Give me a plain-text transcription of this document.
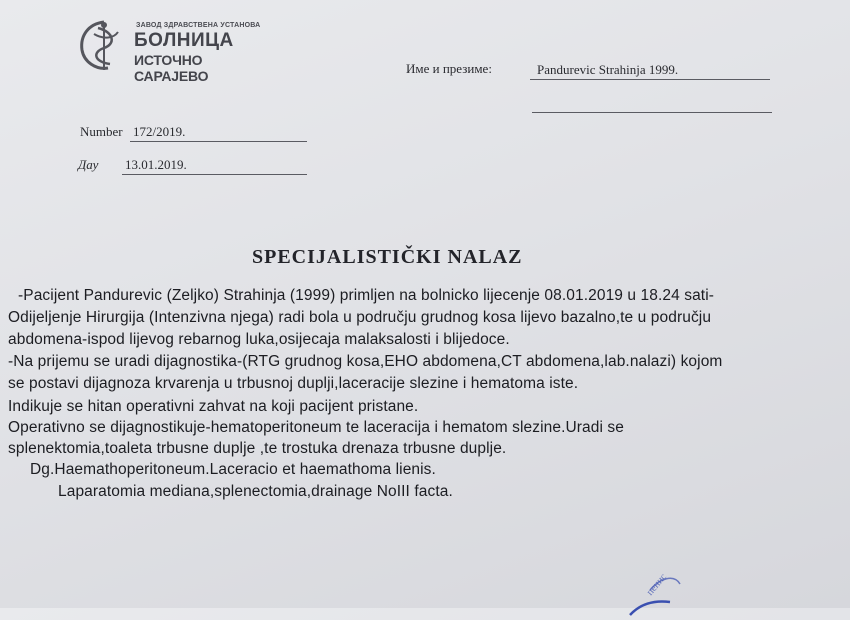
ЗАВОД ЗДРАВСТВЕНА УСТАНОВА
БОЛНИЦА
ИСТОЧНО САРАЈЕВО	Име и презиме:	Pandurevic Strahinja 1999.
Number 172/2019.
Дау 13.01.2019.
SPECIJALISTIČKI NALAZ
-Pacijent Pandurevic (Zeljko) Strahinja (1999) primljen na bolnicko lijecenje 08.01.2019 u 18.24 sati-
Odijeljenje Hirurgija (Intenzivna njega) radi bola u području grudnog kosa lijevo bazalno,te u području
abdomena-ispod lijevog rebarnog luka,osijecaja malaksalosti i blijedoce.
-Na prijemu se uradi dijagnostika-(RTG grudnog kosa,EHO abdomena,CT abdomena,lab.nalazi) kojom
se postavi dijagnoza krvarenja u trbusnoj duplji,laceracije slezine i hematoma iste.
Indikuje se hitan operativni zahvat na koji pacijent pristane.
Operativno se dijagnostikuje-hematoperitoneum te laceracija i hematom slezine.Uradi se
splenektomia,toaleta trbusne duplje ,te trostuka drenaza trbusne duplje.
Dg.Haemathoperitoneum.Laceracio et haemathoma lienis.
Laparatomia mediana,splenectomia,drainage NoIII facta.
пенис
